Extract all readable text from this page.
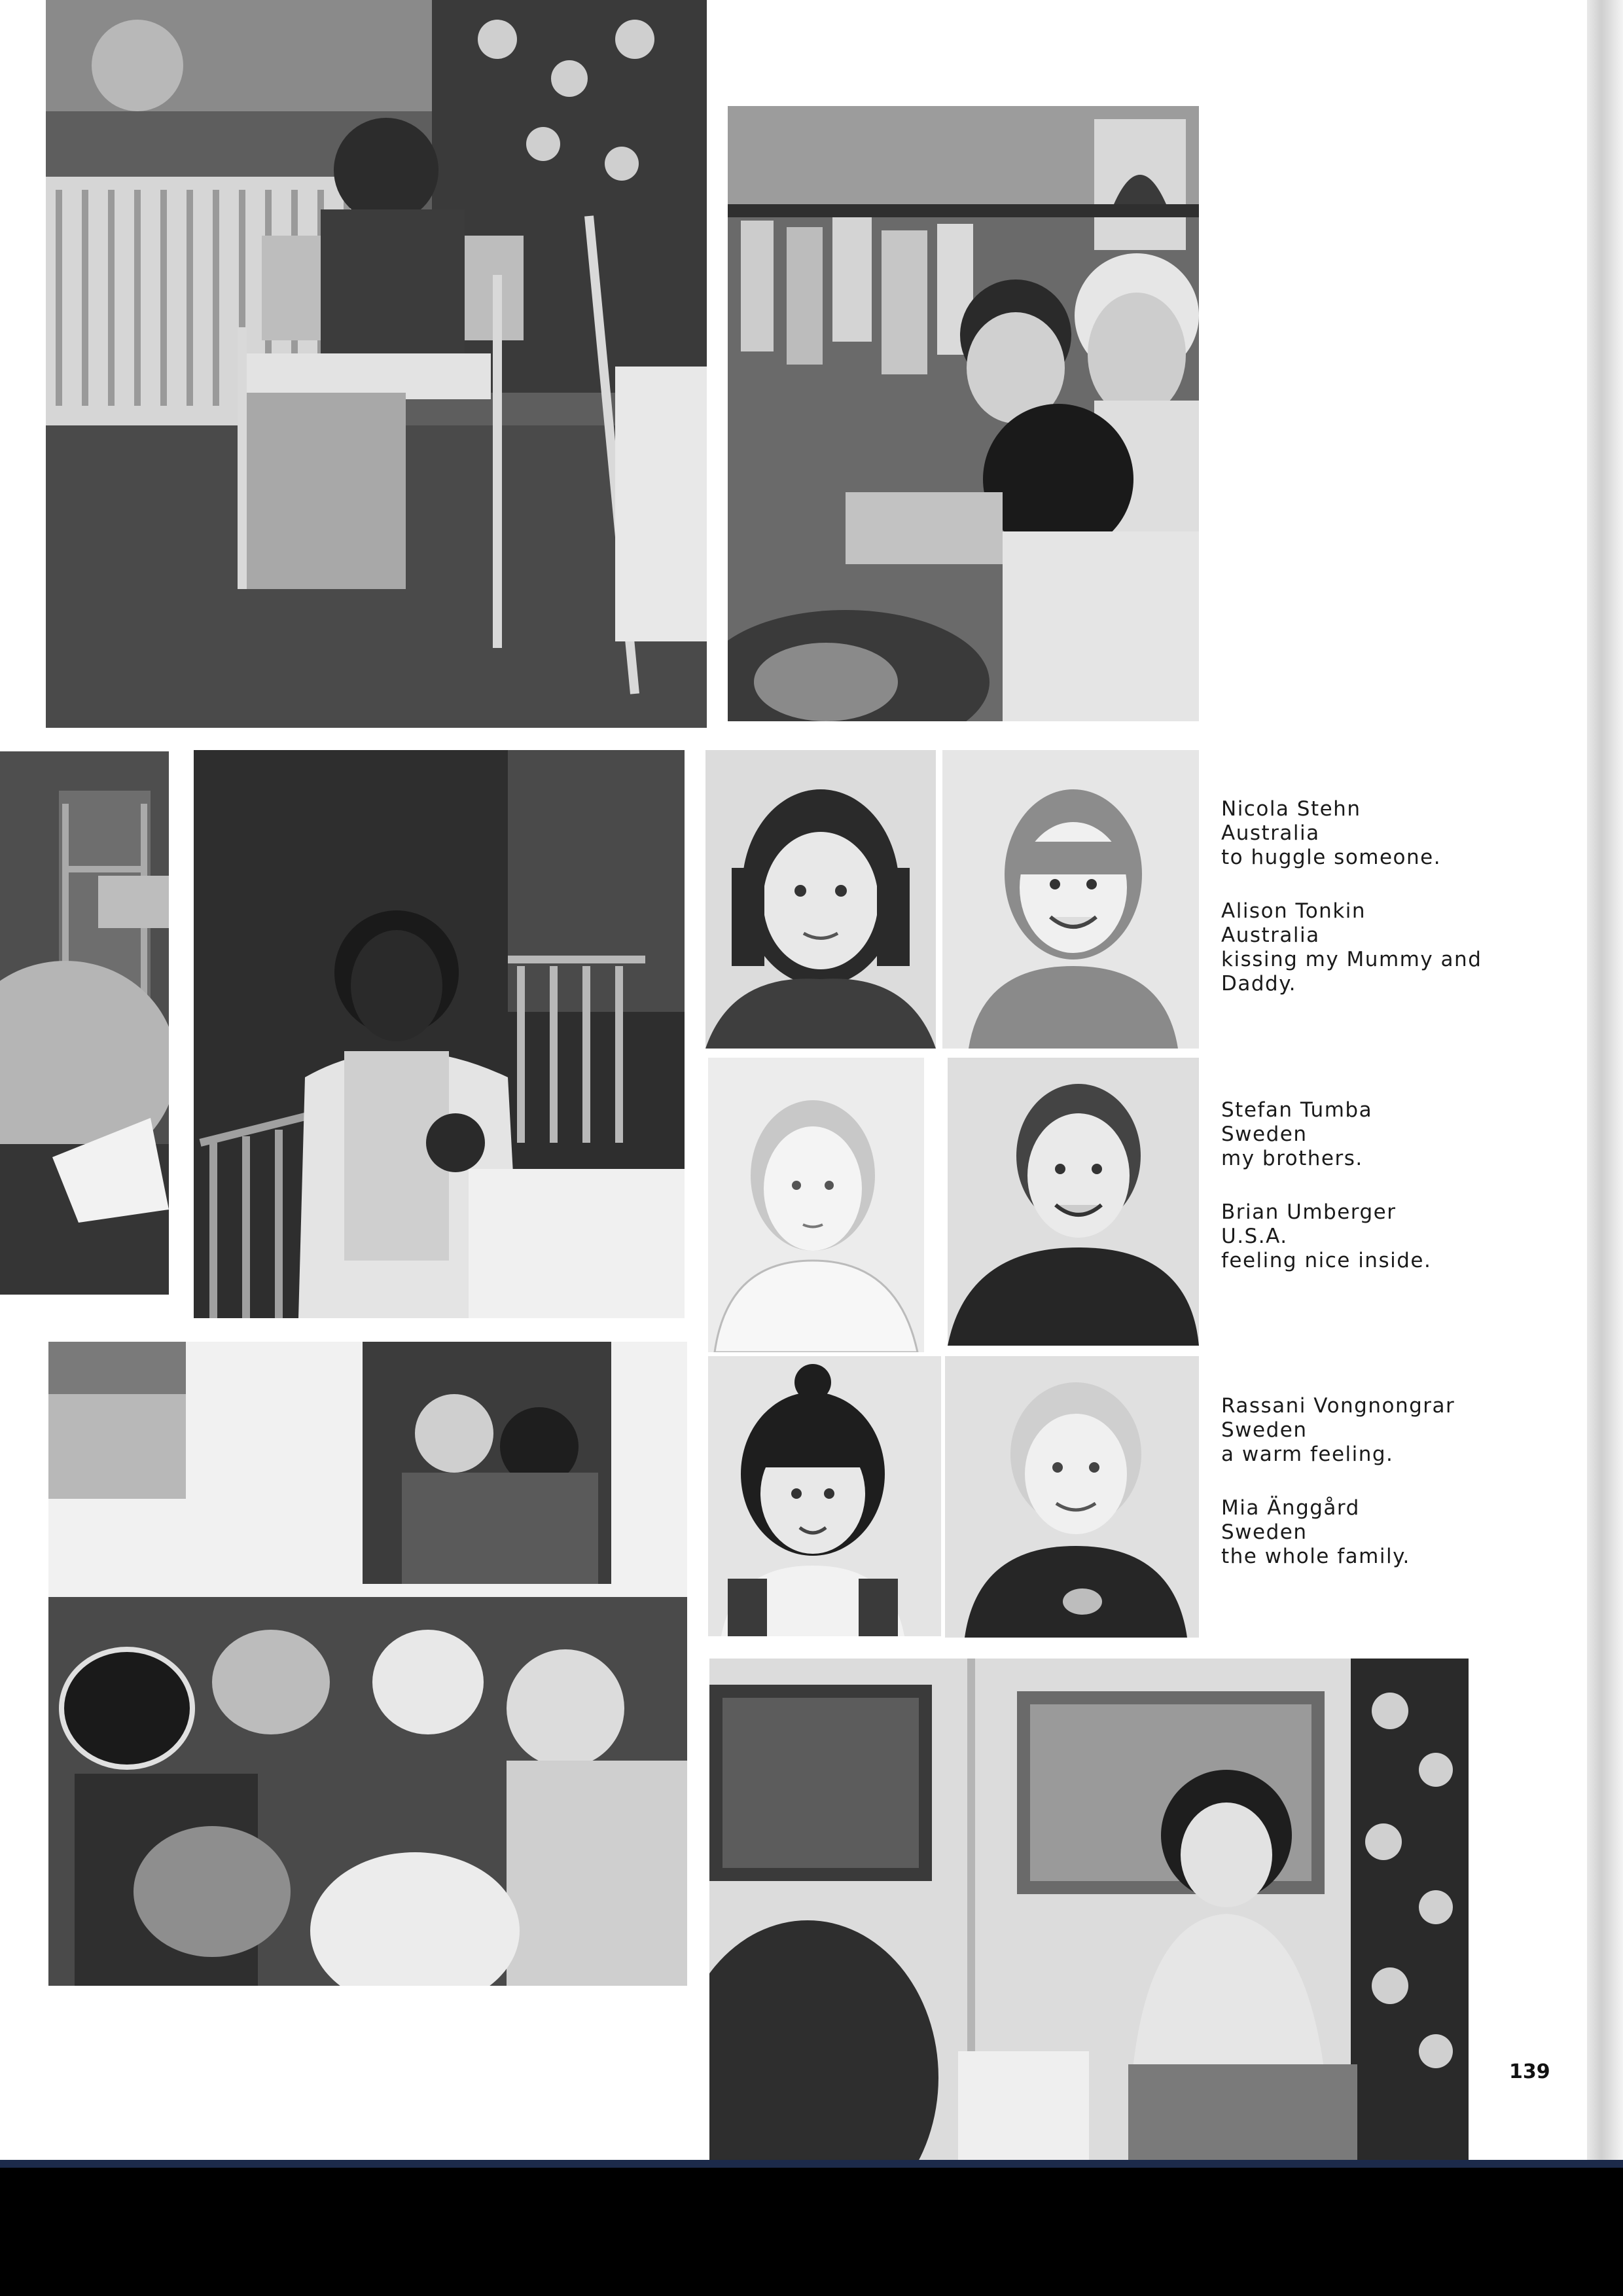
Nicola Stehn
Australia
to huggle someone.
Alison Tonkin
Australia
kissing my Mummy and Daddy.
Stefan Tumba
Sweden
my brothers.
Brian Umberger
U.S.A.
feeling nice inside.
Rassani Vongnongrar
Sweden
a warm feeling.
Mia Änggård
Sweden
the whole family.
139
